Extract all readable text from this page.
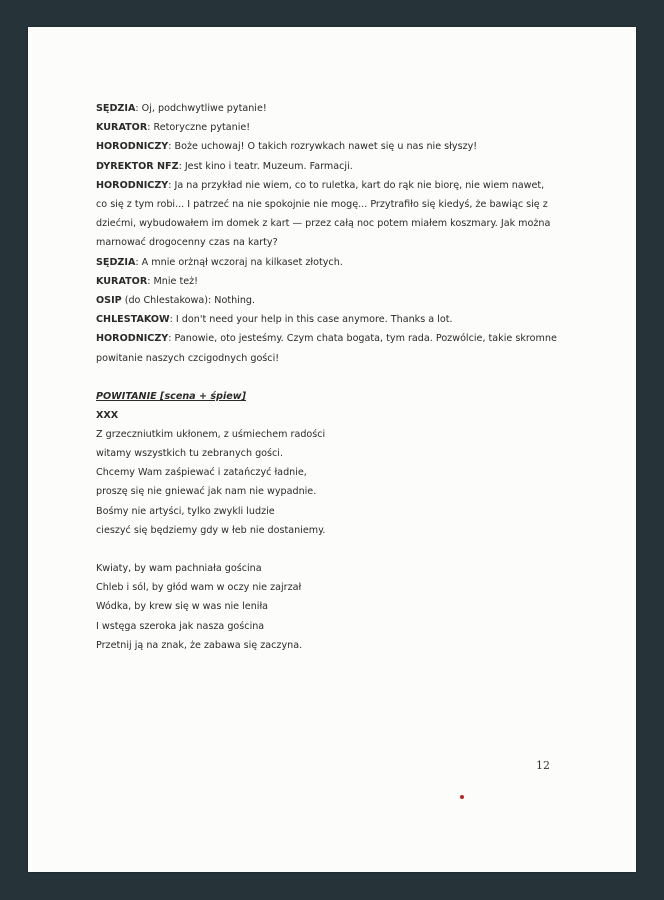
SĘDZIA: Oj, podchwytliwe pytanie!
KURATOR: Retoryczne pytanie!
HORODNICZY: Boże uchowaj! O takich rozrywkach nawet się u nas nie słyszy!
DYREKTOR NFZ: Jest kino i teatr. Muzeum. Farmacji.
HORODNICZY: Ja na przykład nie wiem, co to ruletka, kart do rąk nie biorę, nie wiem nawet,
co się z tym robi... I patrzeć na nie spokojnie nie mogę... Przytrafiło się kiedyś, że bawiąc się z
dziećmi, wybudowałem im domek z kart — przez całą noc potem miałem koszmary. Jak można
marnować drogocenny czas na karty?
SĘDZIA: A mnie orżnął wczoraj na kilkaset złotych.
KURATOR: Mnie też!
OSIP (do Chlestakowa): Nothing.
CHLESTAKOW: I don't need your help in this case anymore. Thanks a lot.
HORODNICZY: Panowie, oto jesteśmy. Czym chata bogata, tym rada. Pozwólcie, takie skromne
powitanie naszych czcigodnych gości!
POWITANIE [scena + śpiew]
XXX
Z grzeczniutkim ukłonem, z uśmiechem radości
witamy wszystkich tu zebranych gości.
Chcemy Wam zaśpiewać i zatańczyć ładnie,
proszę się nie gniewać jak nam nie wypadnie.
Bośmy nie artyści, tylko zwykli ludzie
cieszyć się będziemy gdy w łeb nie dostaniemy.
Kwiaty, by wam pachniała gościna
Chleb i sól, by głód wam w oczy nie zajrzał
Wódka, by krew się w was nie leniła
I wstęga szeroka jak nasza gościna
Przetnij ją na znak, że zabawa się zaczyna.
12
